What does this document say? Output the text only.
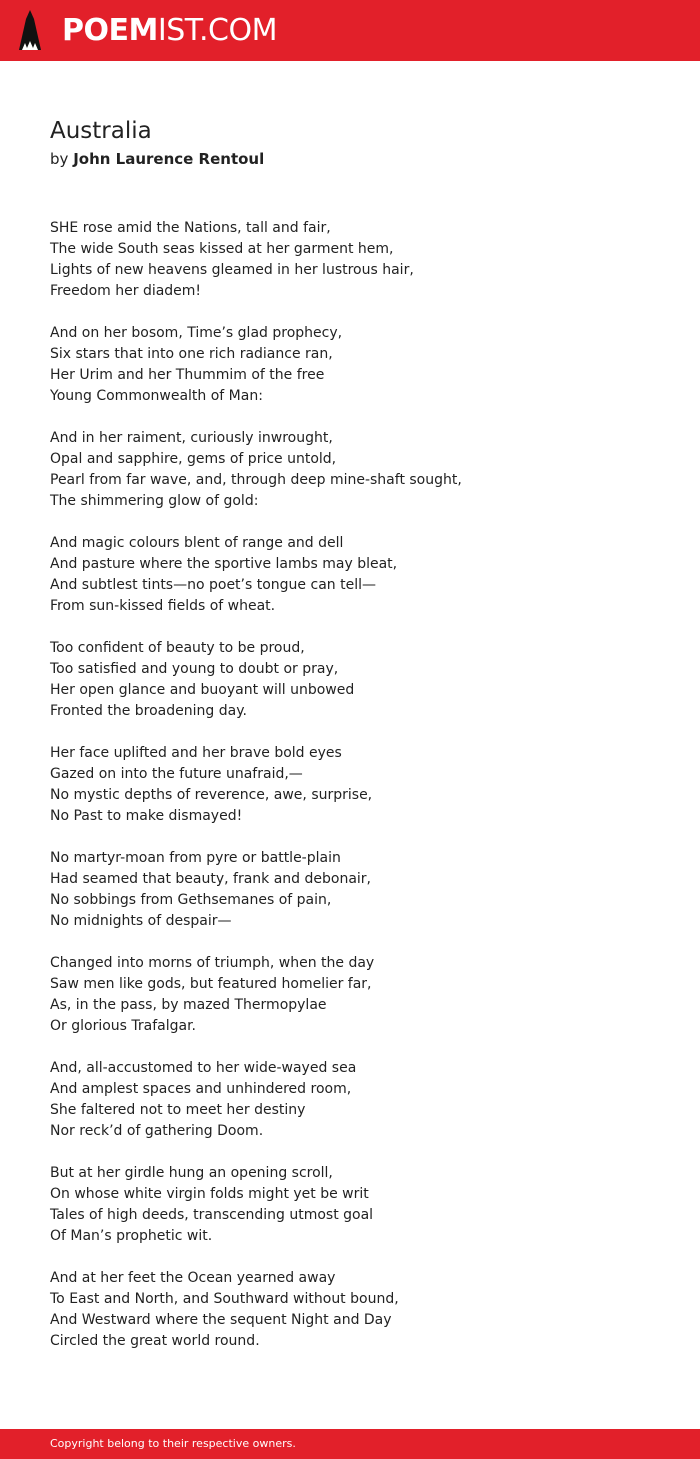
POEMIST.COM
Australia
by John Laurence Rentoul
SHE rose amid the Nations, tall and fair,
The wide South seas kissed at her garment hem,
Lights of new heavens gleamed in her lustrous hair,
Freedom her diadem!
And on her bosom, Time’s glad prophecy,
Six stars that into one rich radiance ran,
Her Urim and her Thummim of the free
Young Commonwealth of Man:
And in her raiment, curiously inwrought,
Opal and sapphire, gems of price untold,
Pearl from far wave, and, through deep mine-shaft sought,
The shimmering glow of gold:
And magic colours blent of range and dell
And pasture where the sportive lambs may bleat,
And subtlest tints—no poet’s tongue can tell—
From sun-kissed fields of wheat.
Too confident of beauty to be proud,
Too satisfied and young to doubt or pray,
Her open glance and buoyant will unbowed
Fronted the broadening day.
Her face uplifted and her brave bold eyes
Gazed on into the future unafraid,—
No mystic depths of reverence, awe, surprise,
No Past to make dismayed!
No martyr-moan from pyre or battle-plain
Had seamed that beauty, frank and debonair,
No sobbings from Gethsemanes of pain,
No midnights of despair—
Changed into morns of triumph, when the day
Saw men like gods, but featured homelier far,
As, in the pass, by mazed Thermopylae
Or glorious Trafalgar.
And, all-accustomed to her wide-wayed sea
And amplest spaces and unhindered room,
She faltered not to meet her destiny
Nor reck’d of gathering Doom.
But at her girdle hung an opening scroll,
On whose white virgin folds might yet be writ
Tales of high deeds, transcending utmost goal
Of Man’s prophetic wit.
And at her feet the Ocean yearned away
To East and North, and Southward without bound,
And Westward where the sequent Night and Day
Circled the great world round.
Copyright belong to their respective owners.
